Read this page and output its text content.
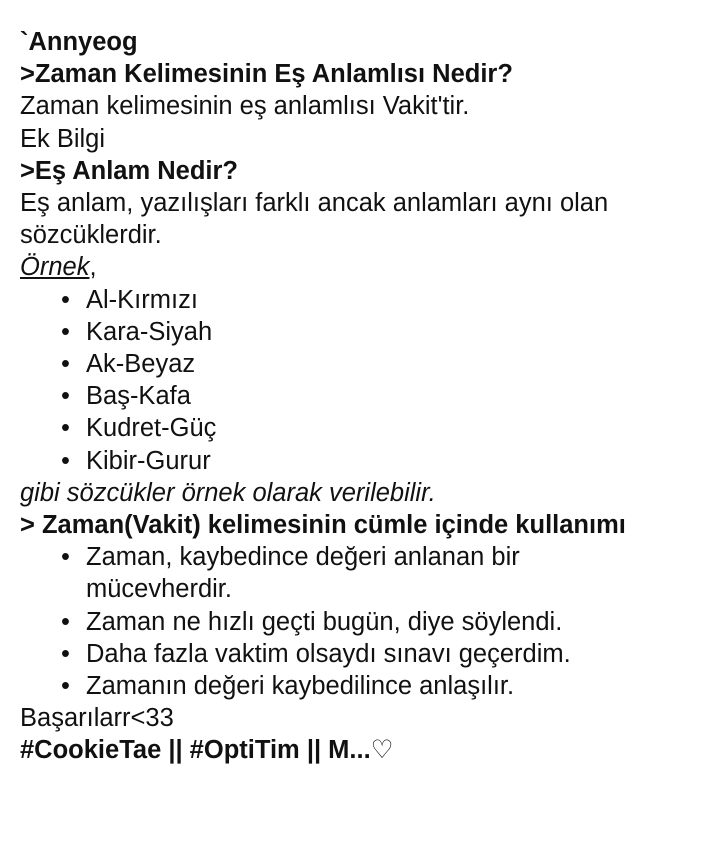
`Annyeog
>Zaman Kelimesinin Eş Anlamlısı Nedir?
Zaman kelimesinin eş anlamlısı Vakit'tir.
Ek Bilgi
>Eş Anlam Nedir?
Eş anlam, yazılışları farklı ancak anlamları aynı olan sözcüklerdir.
Örnek,
• Al-Kırmızı
• Kara-Siyah
• Ak-Beyaz
• Baş-Kafa
• Kudret-Güç
• Kibir-Gurur
gibi sözcükler örnek olarak verilebilir.
> Zaman(Vakit) kelimesinin cümle içinde kullanımı
• Zaman, kaybedince değeri anlanan bir mücevherdir.
• Zaman ne hızlı geçti bugün, diye söylendi.
• Daha fazla vaktim olsaydı sınavı geçerdim.
• Zamanın değeri kaybedilince anlaşılır.
Başarılarr<33
#CookieTae || #OptiTim || M...♡
